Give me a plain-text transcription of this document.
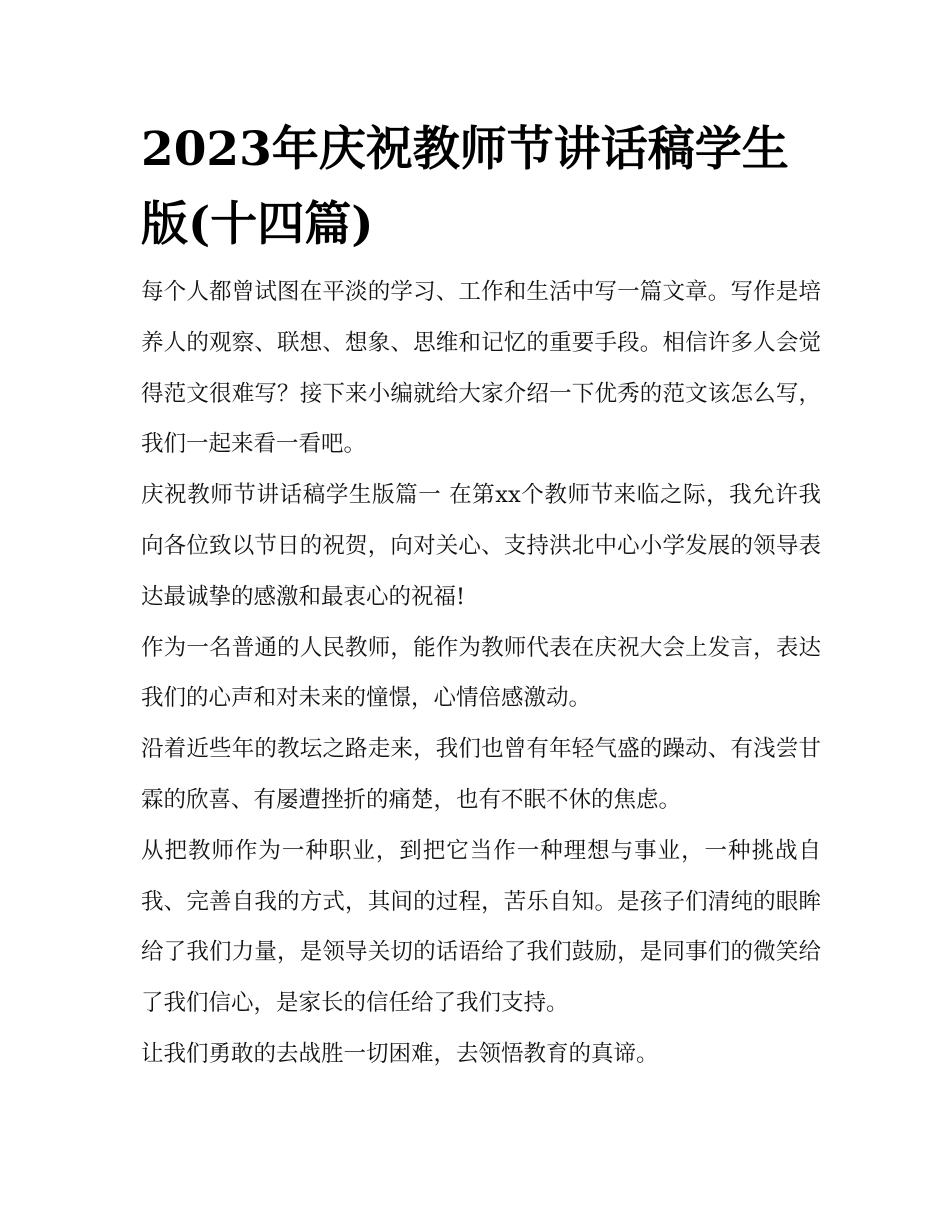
2023年庆祝教师节讲话稿学生
版(十四篇)

每个人都曾试图在平淡的学习、工作和生活中写一篇文章。写作是培养人的观察、联想、想象、思维和记忆的重要手段。相信许多人会觉得范文很难写？接下来小编就给大家介绍一下优秀的范文该怎么写，我们一起来看一看吧。

庆祝教师节讲话稿学生版篇一 在第xx个教师节来临之际，我允许我向各位致以节日的祝贺，向对关心、支持洪北中心小学发展的领导表达最诚挚的感激和最衷心的祝福!

作为一名普通的人民教师，能作为教师代表在庆祝大会上发言，表达我们的心声和对未来的憧憬，心情倍感激动。

沿着近些年的教坛之路走来，我们也曾有年轻气盛的躁动、有浅尝甘霖的欣喜、有屡遭挫折的痛楚，也有不眠不休的焦虑。

从把教师作为一种职业，到把它当作一种理想与事业，一种挑战自我、完善自我的方式，其间的过程，苦乐自知。是孩子们清纯的眼眸给了我们力量，是领导关切的话语给了我们鼓励，是同事们的微笑给了我们信心，是家长的信任给了我们支持。

让我们勇敢的去战胜一切困难，去领悟教育的真谛。
